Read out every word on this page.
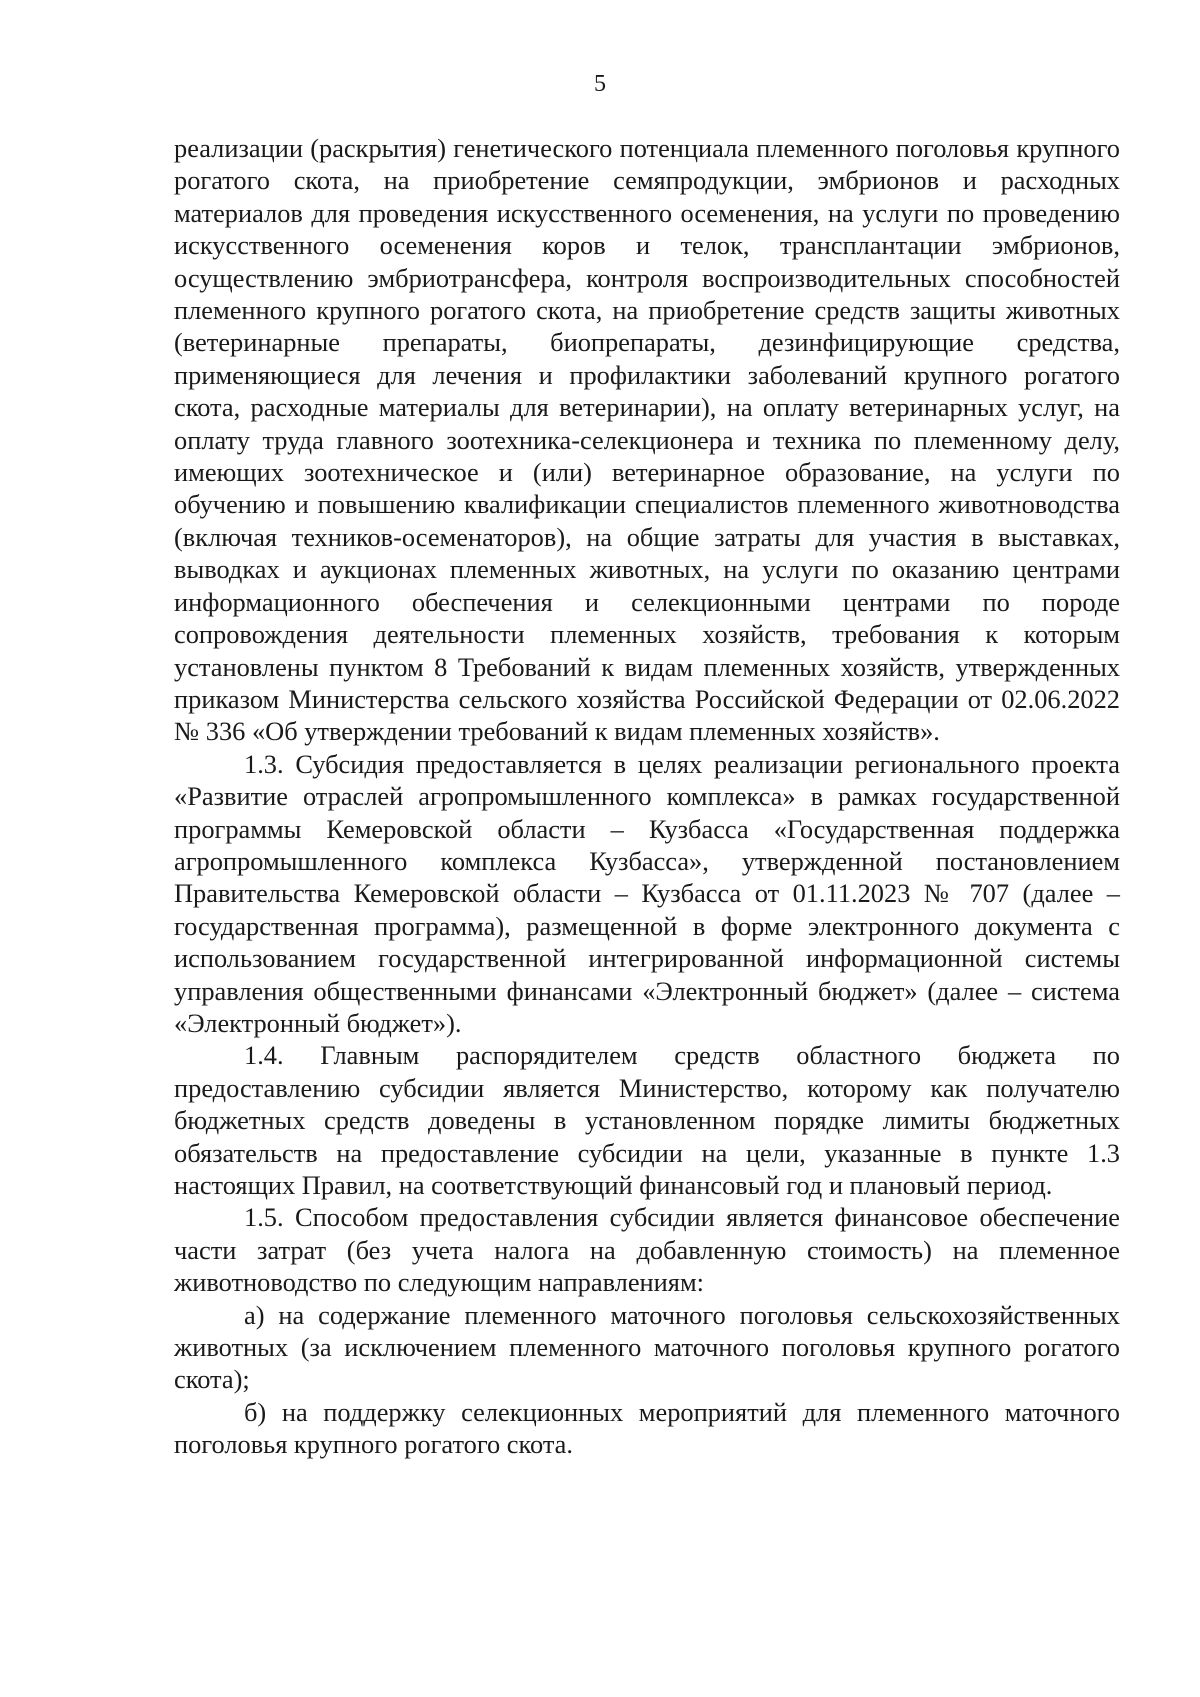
5

реализации (раскрытия) генетического потенциала племенного поголовья крупного рогатого скота, на приобретение семяпродукции, эмбрионов и расходных материалов для проведения искусственного осеменения, на услуги по проведению искусственного осеменения коров и телок, трансплантации эмбрионов, осуществлению эмбриотрансфера, контроля воспроизводительных способностей племенного крупного рогатого скота, на приобретение средств защиты животных (ветеринарные препараты, биопрепараты, дезинфицирующие средства, применяющиеся для лечения и профилактики заболеваний крупного рогатого скота, расходные материалы для ветеринарии), на оплату ветеринарных услуг, на оплату труда главного зоотехника-селекционера и техника по племенному делу, имеющих зоотехническое и (или) ветеринарное образование, на услуги по обучению и повышению квалификации специалистов племенного животноводства (включая техников-осеменаторов), на общие затраты для участия в выставках, выводках и аукционах племенных животных, на услуги по оказанию центрами информационного обеспечения и селекционными центрами по породе сопровождения деятельности племенных хозяйств, требования к которым установлены пунктом 8 Требований к видам племенных хозяйств, утвержденных приказом Министерства сельского хозяйства Российской Федерации от 02.06.2022 № 336 «Об утверждении требований к видам племенных хозяйств».

1.3. Субсидия предоставляется в целях реализации регионального проекта «Развитие отраслей агропромышленного комплекса» в рамках государственной программы Кемеровской области – Кузбасса «Государственная поддержка агропромышленного комплекса Кузбасса», утвержденной постановлением Правительства Кемеровской области – Кузбасса от 01.11.2023 № 707 (далее – государственная программа), размещенной в форме электронного документа с использованием государственной интегрированной информационной системы управления общественными финансами «Электронный бюджет» (далее – система «Электронный бюджет»).

1.4. Главным распорядителем средств областного бюджета по предоставлению субсидии является Министерство, которому как получателю бюджетных средств доведены в установленном порядке лимиты бюджетных обязательств на предоставление субсидии на цели, указанные в пункте 1.3 настоящих Правил, на соответствующий финансовый год и плановый период.

1.5. Способом предоставления субсидии является финансовое обеспечение части затрат (без учета налога на добавленную стоимость) на племенное животноводство по следующим направлениям:

а) на содержание племенного маточного поголовья сельскохозяйственных животных (за исключением племенного маточного поголовья крупного рогатого скота);

б) на поддержку селекционных мероприятий для племенного маточного поголовья крупного рогатого скота.
